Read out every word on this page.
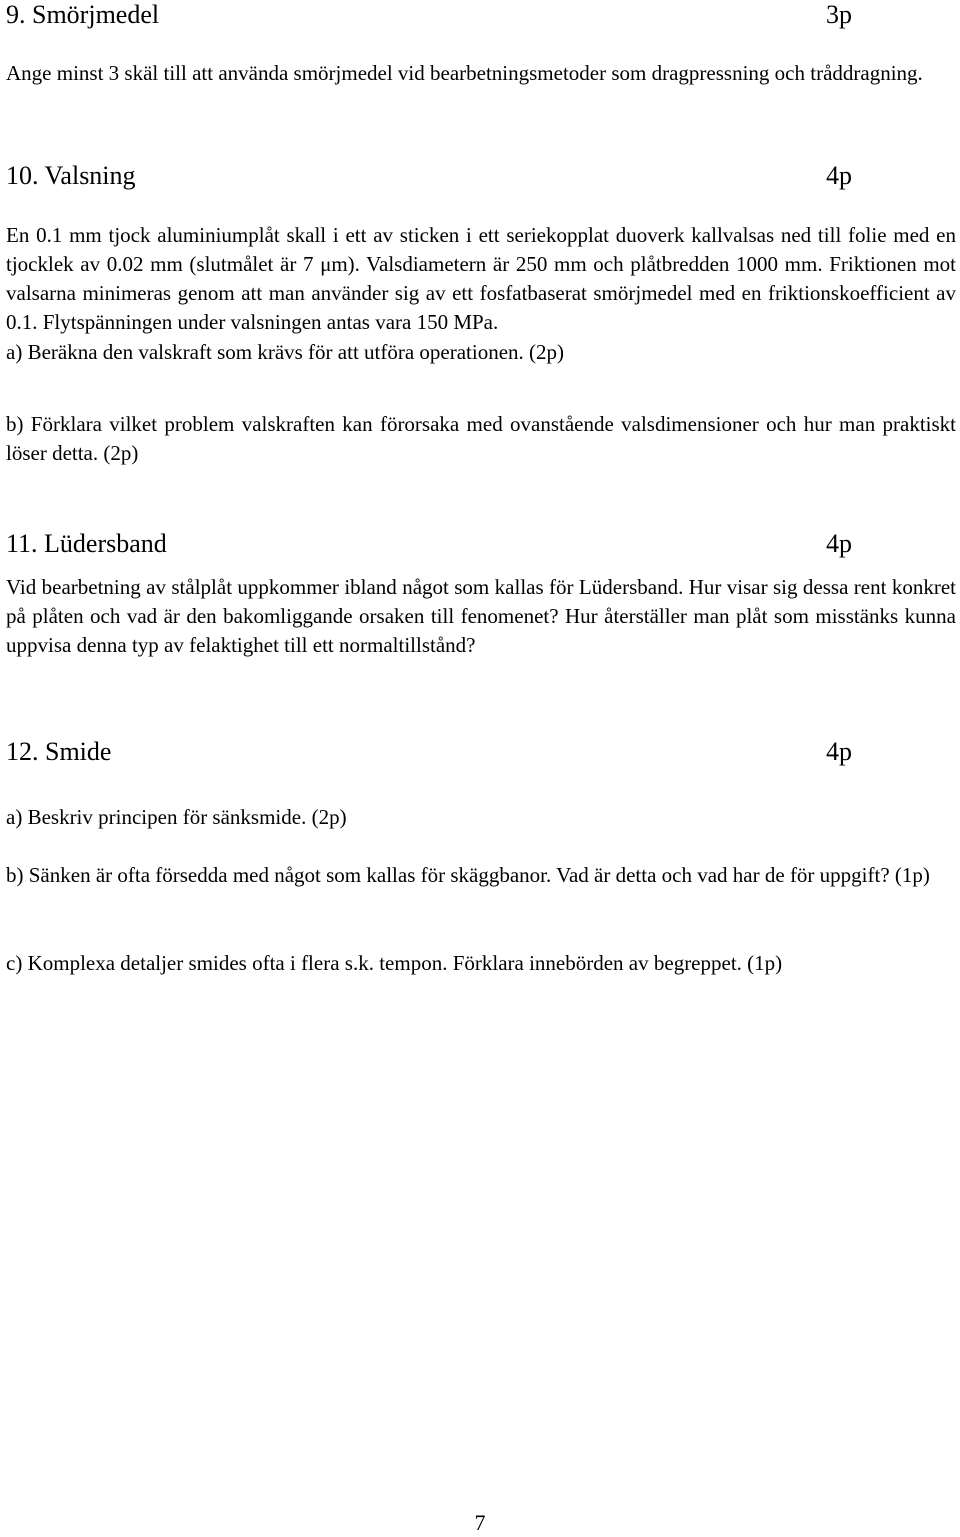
9. Smörjmedel	3p

Ange minst 3 skäl till att använda smörjmedel vid bearbetningsmetoder som dragpressning och tråddragning.

10. Valsning	4p

En 0.1 mm tjock aluminiumplåt skall i ett av sticken i ett seriekopplat duoverk kallvalsas ned till folie med en tjocklek av 0.02 mm (slutmålet är 7 μm). Valsdiametern är 250 mm och plåtbredden 1000 mm. Friktionen mot valsarna minimeras genom att man använder sig av ett fosfatbaserat smörjmedel med en friktionskoefficient av 0.1. Flytspänningen under valsningen antas vara 150 MPa.

a) Beräkna den valskraft som krävs för att utföra operationen. (2p)

b) Förklara vilket problem valskraften kan förorsaka med ovanstående valsdimensioner och hur man praktiskt löser detta. (2p)

11. Lüdersband	4p

Vid bearbetning av stålplåt uppkommer ibland något som kallas för Lüdersband. Hur visar sig dessa rent konkret på plåten och vad är den bakomliggande orsaken till fenomenet? Hur återställer man plåt som misstänks kunna uppvisa denna typ av felaktighet till ett normaltillstånd?

12. Smide	4p

a) Beskriv principen för sänksmide. (2p)

b) Sänken är ofta försedda med något som kallas för skäggbanor. Vad är detta och vad har de för uppgift? (1p)

c) Komplexa detaljer smides ofta i flera s.k. tempon. Förklara innebörden av begreppet. (1p)

7
